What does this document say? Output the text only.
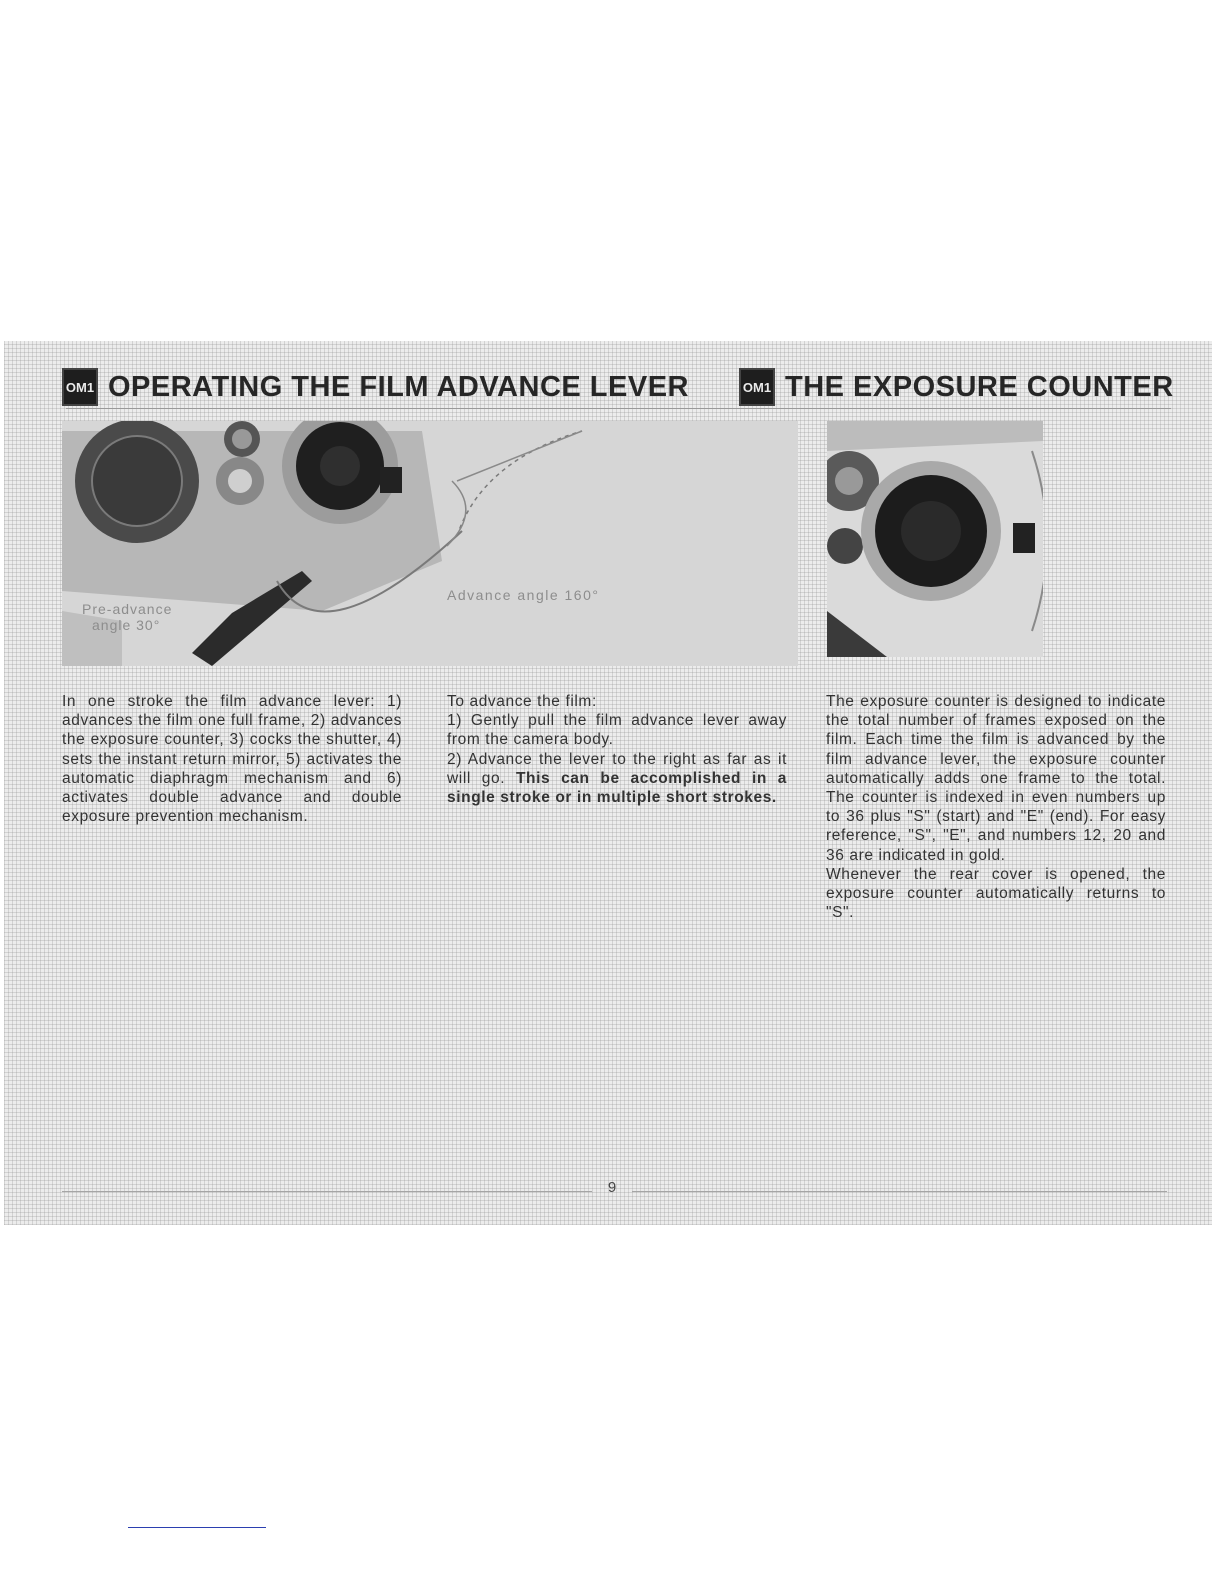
OM1 OPERATING THE FILM ADVANCE LEVER	OM1 THE EXPOSURE COUNTER
Pre-advance
angle 30°
Advance angle 160°

In one stroke the film advance lever: 1) advances the film one full frame, 2) advances the exposure counter, 3) cocks the shutter, 4) sets the instant return mirror, 5) activates the automatic diaphragm mechanism and 6) activates double advance and double exposure prevention mechanism.

To advance the film:

1) Gently pull the film advance lever away from the camera body.

2) Advance the lever to the right as far as it will go. This can be accomplished in a single stroke or in multiple short strokes.

The exposure counter is designed to indicate the total number of frames exposed on the film. Each time the film is advanced by the film advance lever, the exposure counter automatically adds one frame to the total. The counter is indexed in even numbers up to 36 plus "S" (start) and "E" (end). For easy reference, "S", "E", and numbers 12, 20 and 36 are indicated in gold.

Whenever the rear cover is opened, the exposure counter automatically returns to "S".

9
